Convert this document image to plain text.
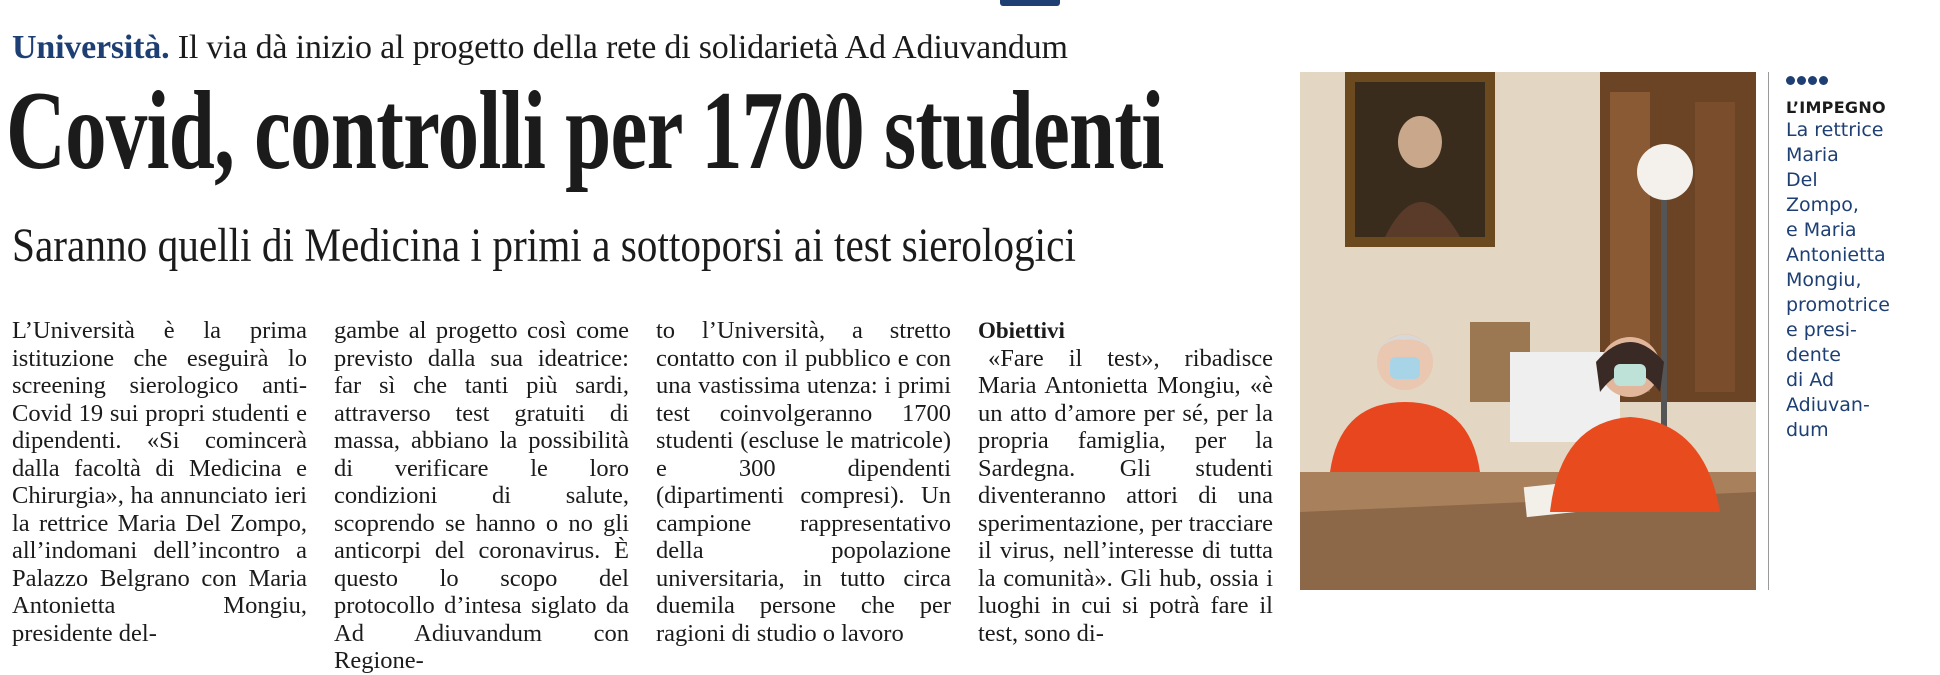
Università. Il via dà inizio al progetto della rete di solidarietà Ad Adiuvandum
Covid, controlli per 1700 studenti
Saranno quelli di Medicina i primi a sottoporsi ai test sierologici

L’Università è la prima istituzione che eseguirà lo screening sierologico anti-Covid 19 sui propri studenti e dipendenti. «Si comincerà dalla facoltà di Medicina e Chirurgia», ha annunciato ieri la rettrice Maria Del Zompo, all’indomani dell’incontro a Palazzo Belgrano con Maria Antonietta Mongiu, presidente del-

gambe al progetto così come previsto dalla sua ideatrice: far sì che tanti più sardi, attraverso test gratuiti di massa, abbiano la possibilità di verificare le loro condizioni di salute, scoprendo se hanno o no gli anticorpi del coronavirus. È questo lo scopo del protocollo d’intesa siglato da Ad Adiuvandum con Regione-

to l’Università, a stretto contatto con il pubblico e con una vastissima utenza: i primi test coinvolgeranno 1700 studenti (escluse le matricole) e 300 dipendenti (dipartimenti compresi). Un campione rappresentativo della popolazione universitaria, in tutto circa duemila persone che per ragioni di studio o lavoro

Obiettivi

«Fare il test», ribadisce Maria Antonietta Mongiu, «è un atto d’amore per sé, per la propria famiglia, per la Sardegna. Gli studenti diventeranno attori di una sperimentazione, per tracciare il virus, nell’interesse di tutta la comunità». Gli hub, ossia i luoghi in cui si potrà fare il test, sono di-

L’IMPEGNO
La rettrice
Maria
Del
Zompo,
e Maria
Antonietta
Mongiu,
promotrice
e presi-
dente
di Ad
Adiuvan-
dum
